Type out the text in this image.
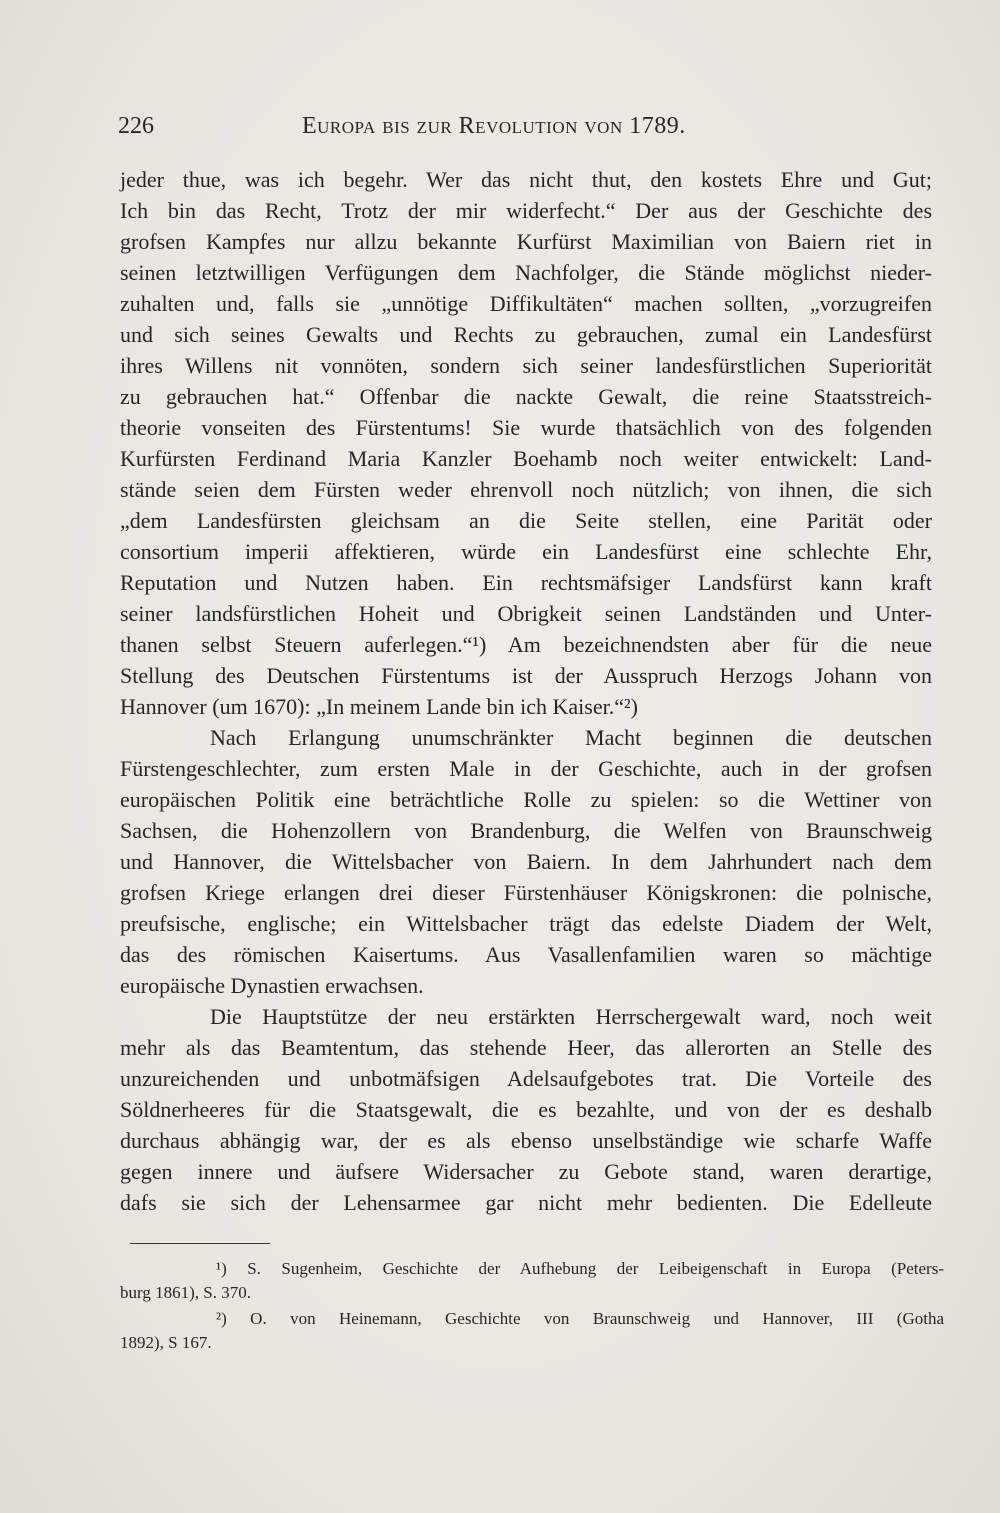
226	Europa bis zur Revolution von 1789.
jeder thue, was ich begehr. Wer das nicht thut, den kostets Ehre und Gut;
Ich bin das Recht, Trotz der mir widerfecht.“ Der aus der Geschichte des
grofsen Kampfes nur allzu bekannte Kurfürst Maximilian von Baiern riet in
seinen letztwilligen Verfügungen dem Nachfolger, die Stände möglichst nieder-
zuhalten und, falls sie „unnötige Diffikultäten“ machen sollten, „vorzugreifen
und sich seines Gewalts und Rechts zu gebrauchen, zumal ein Landesfürst
ihres Willens nit vonnöten, sondern sich seiner landesfürstlichen Superiorität
zu gebrauchen hat.“ Offenbar die nackte Gewalt, die reine Staatsstreich-
theorie vonseiten des Fürstentums! Sie wurde thatsächlich von des folgenden
Kurfürsten Ferdinand Maria Kanzler Boehamb noch weiter entwickelt: Land-
stände seien dem Fürsten weder ehrenvoll noch nützlich; von ihnen, die sich
„dem Landesfürsten gleichsam an die Seite stellen, eine Parität oder
consortium imperii affektieren, würde ein Landesfürst eine schlechte Ehr,
Reputation und Nutzen haben. Ein rechtsmäfsiger Landsfürst kann kraft
seiner landsfürstlichen Hoheit und Obrigkeit seinen Landständen und Unter-
thanen selbst Steuern auferlegen.“¹) Am bezeichnendsten aber für die neue
Stellung des Deutschen Fürstentums ist der Ausspruch Herzogs Johann von
Hannover (um 1670): „In meinem Lande bin ich Kaiser.“²)
Nach Erlangung unumschränkter Macht beginnen die deutschen
Fürstengeschlechter, zum ersten Male in der Geschichte, auch in der grofsen
europäischen Politik eine beträchtliche Rolle zu spielen: so die Wettiner von
Sachsen, die Hohenzollern von Brandenburg, die Welfen von Braunschweig
und Hannover, die Wittelsbacher von Baiern. In dem Jahrhundert nach dem
grofsen Kriege erlangen drei dieser Fürstenhäuser Königskronen: die polnische,
preufsische, englische; ein Wittelsbacher trägt das edelste Diadem der Welt,
das des römischen Kaisertums. Aus Vasallenfamilien waren so mächtige
europäische Dynastien erwachsen.
Die Hauptstütze der neu erstärkten Herrschergewalt ward, noch weit
mehr als das Beamtentum, das stehende Heer, das allerorten an Stelle des
unzureichenden und unbotmäfsigen Adelsaufgebotes trat. Die Vorteile des
Söldnerheeres für die Staatsgewalt, die es bezahlte, und von der es deshalb
durchaus abhängig war, der es als ebenso unselbständige wie scharfe Waffe
gegen innere und äufsere Widersacher zu Gebote stand, waren derartige,
dafs sie sich der Lehensarmee gar nicht mehr bedienten. Die Edelleute
¹) S. Sugenheim, Geschichte der Aufhebung der Leibeigenschaft in Europa (Peters-
burg 1861), S. 370.
²) O. von Heinemann, Geschichte von Braunschweig und Hannover, III (Gotha
1892), S 167.
